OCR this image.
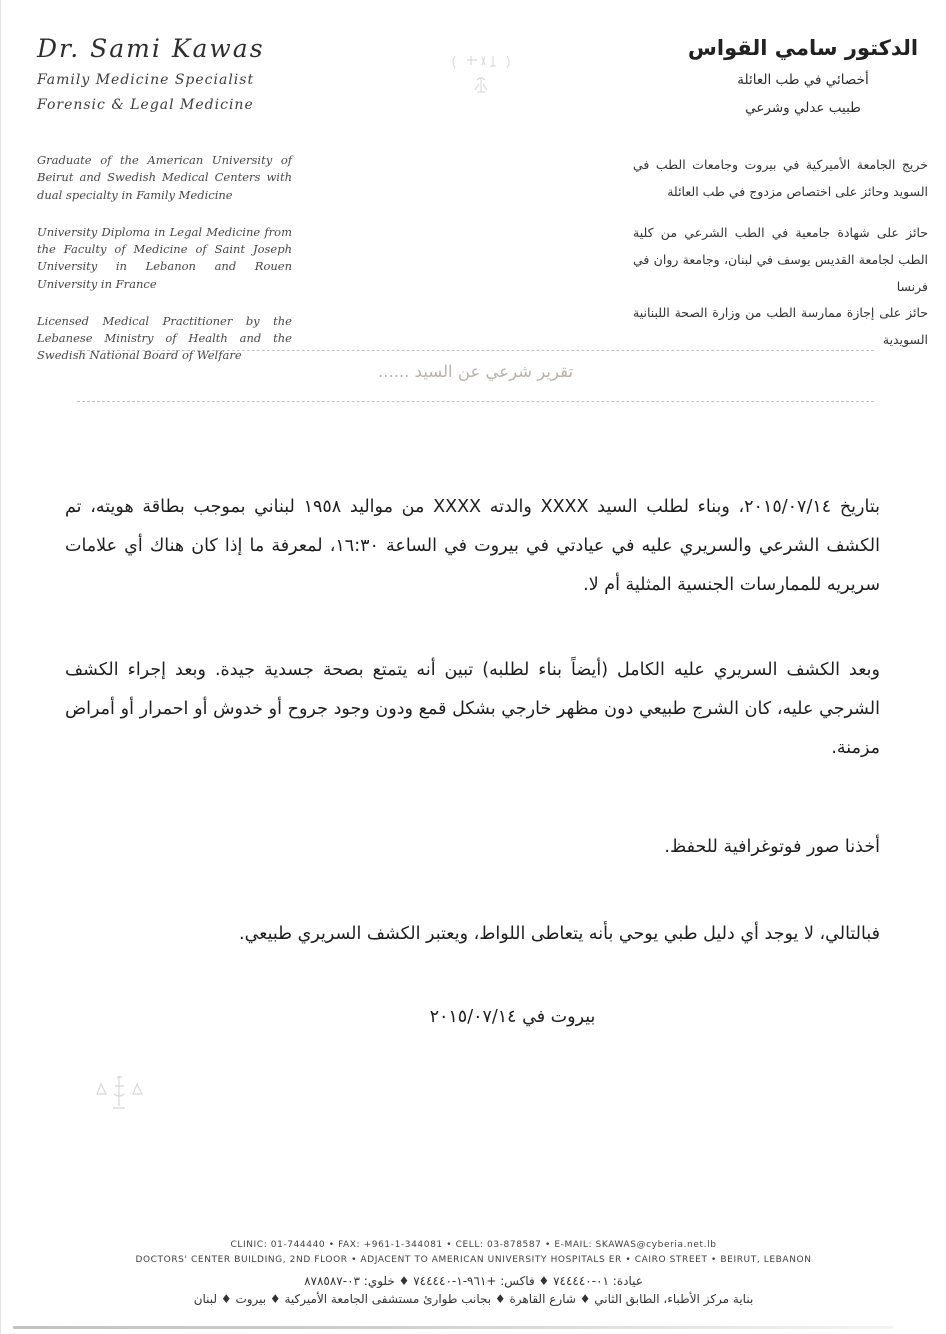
Dr. Sami Kawas
Family Medicine Specialist
Forensic & Legal Medicine
الدكتور سامي القواس
أخصائي في طب العائلة
طبيب عدلي وشرعي

Graduate of the American University of Beirut and Swedish Medical Centers with dual specialty in Family Medicine

University Diploma in Legal Medicine from the Faculty of Medicine of Saint Joseph University in Lebanon and Rouen University in France

Licensed Medical Practitioner by the Lebanese Ministry of Health and the Swedish National Board of Welfare

خريج الجامعة الأميركية في بيروت وجامعات الطب في السويد وحائز على اختصاص مزدوج في طب العائلة

حائز على شهادة جامعية في الطب الشرعي من كلية الطب لجامعة القديس يوسف في لبنان، وجامعة روان في فرنسا

حائز على إجازة ممارسة الطب من وزارة الصحة اللبنانية السويدية

تقرير شرعي عن السيد ......

بتاريخ ٢٠١٥/٠٧/١٤، وبناء لطلب السيد XXXX والدته XXXX من مواليد ١٩٥٨ لبناني بموجب بطاقة هويته، تم الكشف الشرعي والسريري عليه في عيادتي في بيروت في الساعة ١٦:٣٠، لمعرفة ما إذا كان هناك أي علامات سريريه للممارسات الجنسية المثلية أم لا.

وبعد الكشف السريري عليه الكامل (أيضاً بناء لطلبه) تبين أنه يتمتع بصحة جسدية جيدة. وبعد إجراء الكشف الشرجي عليه، كان الشرج طبيعي دون مظهر خارجي بشكل قمع ودون وجود جروح أو خدوش أو احمرار أو أمراض مزمنة.

أخذنا صور فوتوغرافية للحفظ.

فبالتالي، لا يوجد أي دليل طبي يوحي بأنه يتعاطى اللواط، ويعتبر الكشف السريري طبيعي.

بيروت في ٢٠١٥/٠٧/١٤
CLINIC: 01-744440 • FAX: +961-1-344081 • CELL: 03-878587 • E-MAIL: SKAWAS@cyberia.net.lb
DOCTORS' CENTER BUILDING, 2ND FLOOR • ADJACENT TO AMERICAN UNIVERSITY HOSPITALS ER • CAIRO STREET • BEIRUT, LEBANON
عيادة: ٠١-٧٤٤٤٤٠ ♦ فاكس: +٩٦١-١-٧٤٤٤٤٠ ♦ خلوي: ٠٣-٨٧٨٥٨٧
بناية مركز الأطباء، الطابق الثاني ♦ شارع القاهرة ♦ بجانب طوارئ مستشفى الجامعة الأميركية ♦ بيروت ♦ لبنان
